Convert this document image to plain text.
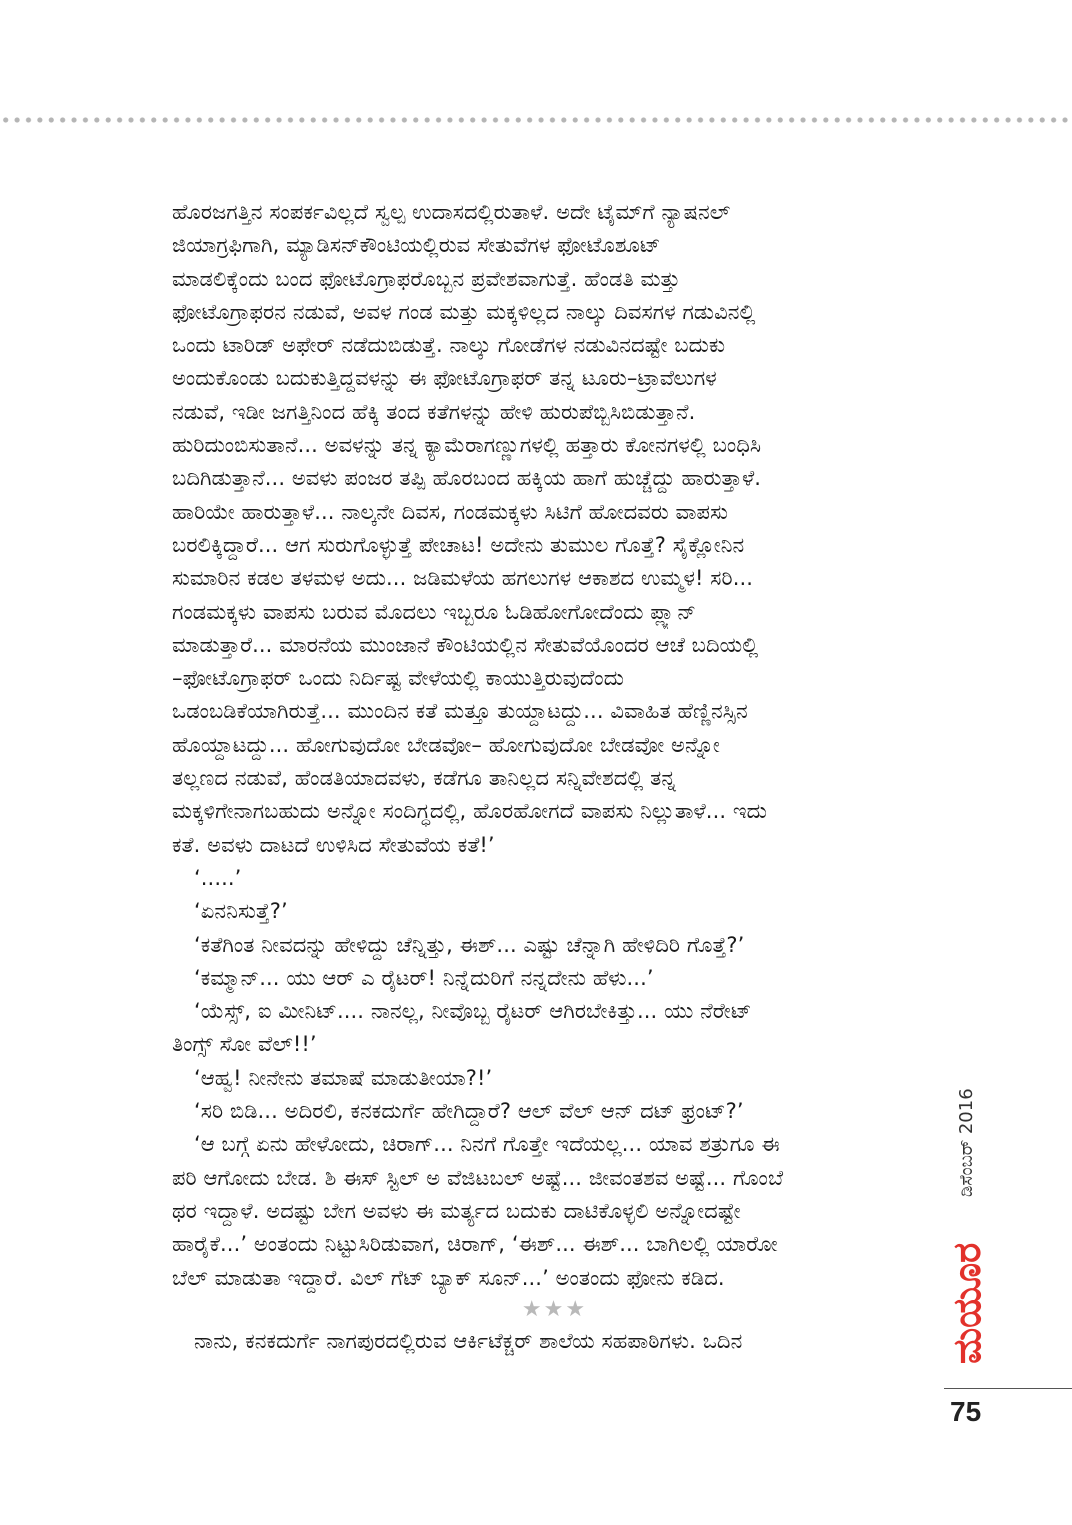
ಹೊರಜಗತ್ತಿನ ಸಂಪರ್ಕವಿಲ್ಲದೆ ಸ್ವಲ್ಪ ಉದಾಸದಲ್ಲಿರುತಾಳೆ. ಅದೇ ಟೈಮ್‌ಗೆ ನ್ಯಾಷನಲ್
ಜಿಯಾಗ್ರಫಿಗಾಗಿ, ಮ್ಯಾಡಿಸನ್‌ಕೌಂಟಿಯಲ್ಲಿರುವ ಸೇತುವೆಗಳ ಫೋಟೊಶೂಟ್
ಮಾಡಲಿಕ್ಕೆಂದು ಬಂದ ಫೋಟೊಗ್ರಾಫರೊಬ್ಬನ ಪ್ರವೇಶವಾಗುತ್ತೆ. ಹೆಂಡತಿ ಮತ್ತು
ಫೋಟೊಗ್ರಾಫರನ ನಡುವೆ, ಅವಳ ಗಂಡ ಮತ್ತು ಮಕ್ಕಳಿಲ್ಲದ ನಾಲ್ಕು ದಿವಸಗಳ ಗಡುವಿನಲ್ಲಿ
ಒಂದು ಟಾರಿಡ್ ಅಫೇರ್ ನಡೆದುಬಿಡುತ್ತೆ. ನಾಲ್ಕು ಗೋಡೆಗಳ ನಡುವಿನದಷ್ಟೇ ಬದುಕು
ಅಂದುಕೊಂಡು ಬದುಕುತ್ತಿದ್ದವಳನ್ನು ಈ ಫೋಟೊಗ್ರಾಫರ್ ತನ್ನ ಟೂರು–ಟ್ರಾವೆಲುಗಳ
ನಡುವೆ, ಇಡೀ ಜಗತ್ತಿನಿಂದ ಹೆಕ್ಕಿ ತಂದ ಕತೆಗಳನ್ನು ಹೇಳಿ ಹುರುಪೆಬ್ಬಿಸಿಬಿಡುತ್ತಾನೆ.
ಹುರಿದುಂಬಿಸುತಾನೆ... ಅವಳನ್ನು ತನ್ನ ಕ್ಯಾಮೆರಾಗಣ್ಣುಗಳಲ್ಲಿ ಹತ್ತಾರು ಕೋನಗಳಲ್ಲಿ ಬಂಧಿಸಿ
ಬದಿಗಿಡುತ್ತಾನೆ... ಅವಳು ಪಂಜರ ತಪ್ಪಿ ಹೊರಬಂದ ಹಕ್ಕಿಯ ಹಾಗೆ ಹುಚ್ಚೆದ್ದು ಹಾರುತ್ತಾಳೆ.
ಹಾರಿಯೇ ಹಾರುತ್ತಾಳೆ... ನಾಲ್ಕನೇ ದಿವಸ, ಗಂಡಮಕ್ಕಳು ಸಿಟಿಗೆ ಹೋದವರು ವಾಪಸು
ಬರಲಿಕ್ಕಿದ್ದಾರೆ... ಆಗ ಸುರುಗೊಳ್ಳುತ್ತೆ ಪೇಚಾಟ! ಅದೇನು ತುಮುಲ ಗೊತ್ತೆ? ಸೈಕ್ಲೋನಿನ
ಸುಮಾರಿನ ಕಡಲ ತಳಮಳ ಅದು... ಜಡಿಮಳೆಯ ಹಗಲುಗಳ ಆಕಾಶದ ಉಮ್ಮಳ! ಸರಿ...
ಗಂಡಮಕ್ಕಳು ವಾಪಸು ಬರುವ ಮೊದಲು ಇಬ್ಬರೂ ಓಡಿಹೋಗೋದೆಂದು ಪ್ಲ್ಯಾನ್
ಮಾಡುತ್ತಾರೆ... ಮಾರನೆಯ ಮುಂಜಾನೆ ಕೌಂಟಿಯಲ್ಲಿನ ಸೇತುವೆಯೊಂದರ ಆಚೆ ಬದಿಯಲ್ಲಿ
–ಫೋಟೊಗ್ರಾಫರ್ ಒಂದು ನಿರ್ದಿಷ್ಟ ವೇಳೆಯಲ್ಲಿ ಕಾಯುತ್ತಿರುವುದೆಂದು
ಒಡಂಬಡಿಕೆಯಾಗಿರುತ್ತೆ... ಮುಂದಿನ ಕತೆ ಮತ್ತೂ ತುಯ್ದಾಟದ್ದು... ವಿವಾಹಿತ ಹೆಣ್ಣಿನಸ್ಸಿನ
ಹೊಯ್ದಾಟದ್ದು... ಹೋಗುವುದೋ ಬೇಡವೋ– ಹೋಗುವುದೋ ಬೇಡವೋ ಅನ್ನೋ
ತಲ್ಲಣದ ನಡುವೆ, ಹೆಂಡತಿಯಾದವಳು, ಕಡೆಗೂ ತಾನಿಲ್ಲದ ಸನ್ನಿವೇಶದಲ್ಲಿ ತನ್ನ
ಮಕ್ಕಳಿಗೇನಾಗಬಹುದು ಅನ್ನೋ ಸಂದಿಗ್ಧದಲ್ಲಿ, ಹೊರಹೋಗದೆ ವಾಪಸು ನಿಲ್ಲುತಾಳೆ... ಇದು
ಕತೆ. ಅವಳು ದಾಟದೆ ಉಳಿಸಿದ ಸೇತುವೆಯ ಕತೆ!’
‘.....’
‘ಏನನಿಸುತ್ತೆ?’
‘ಕತೆಗಿಂತ ನೀವದನ್ನು ಹೇಳಿದ್ದು ಚೆನ್ನಿತ್ತು, ಈಶ್... ಎಷ್ಟು ಚೆನ್ನಾಗಿ ಹೇಳಿದಿರಿ ಗೊತ್ತೆ?’
‘ಕಮ್ಮಾನ್... ಯು ಆರ್ ಎ ರೈಟರ್! ನಿನ್ನೆದುರಿಗೆ ನನ್ನದೇನು ಹೆಳು...’
‘ಯೆಸ್ಸ್, ಐ ಮೀನಿಟ್.... ನಾನಲ್ಲ, ನೀವೊಬ್ಬ ರೈಟರ್ ಆಗಿರಬೇಕಿತ್ತು... ಯು ನೆರೇಟ್
ತಿಂಗ್ಸ್ ಸೋ ವೆಲ್!!’
‘ಆಹ್ವ! ನೀನೇನು ತಮಾಷೆ ಮಾಡುತೀಯಾ?!’
‘ಸರಿ ಬಿಡಿ... ಅದಿರಲಿ, ಕನಕದುರ್ಗೆ ಹೇಗಿದ್ದಾರೆ? ಆಲ್ ವೆಲ್ ಆನ್ ದಟ್ ಫ್ರಂಟ್?’
‘ಆ ಬಗ್ಗೆ ಏನು ಹೇಳೋದು, ಚಿರಾಗ್... ನಿನಗೆ ಗೊತ್ತೇ ಇದೆಯಲ್ಲ... ಯಾವ ಶತ್ರುಗೂ ಈ
ಪರಿ ಆಗೋದು ಬೇಡ. ಶಿ ಈಸ್ ಸ್ಟಿಲ್ ಅ ವೆಜಿಟಬಲ್ ಅಷ್ಟೆ... ಜೀವಂತಶವ ಅಷ್ಟೆ... ಗೊಂಬೆ
ಥರ ಇದ್ದಾಳೆ. ಅದಷ್ಟು ಬೇಗ ಅವಳು ಈ ಮರ್ತ್ಯದ ಬದುಕು ದಾಟಿಕೊಳ್ಳಲಿ ಅನ್ನೋದಷ್ಟೇ
ಹಾರೈಕೆ...’ ಅಂತಂದು ನಿಟ್ಟುಸಿರಿಡುವಾಗ, ಚಿರಾಗ್, ‘ಈಶ್... ಈಶ್... ಬಾಗಿಲಲ್ಲಿ ಯಾರೋ
ಬೆಲ್ ಮಾಡುತಾ ಇದ್ದಾರೆ. ವಿಲ್ ಗೆಟ್ ಬ್ಯಾಕ್ ಸೂನ್...’ ಅಂತಂದು ಫೋನು ಕಡಿದ.
★★★
ನಾನು, ಕನಕದುರ್ಗೆ ನಾಗಪುರದಲ್ಲಿರುವ ಆರ್ಕಿಟೆಕ್ಚರ್ ಶಾಲೆಯ ಸಹಪಾಠಿಗಳು. ಒದಿನ
ಡಿಸೆಂಬರ್ 2016
ಮಯೂರ
75
